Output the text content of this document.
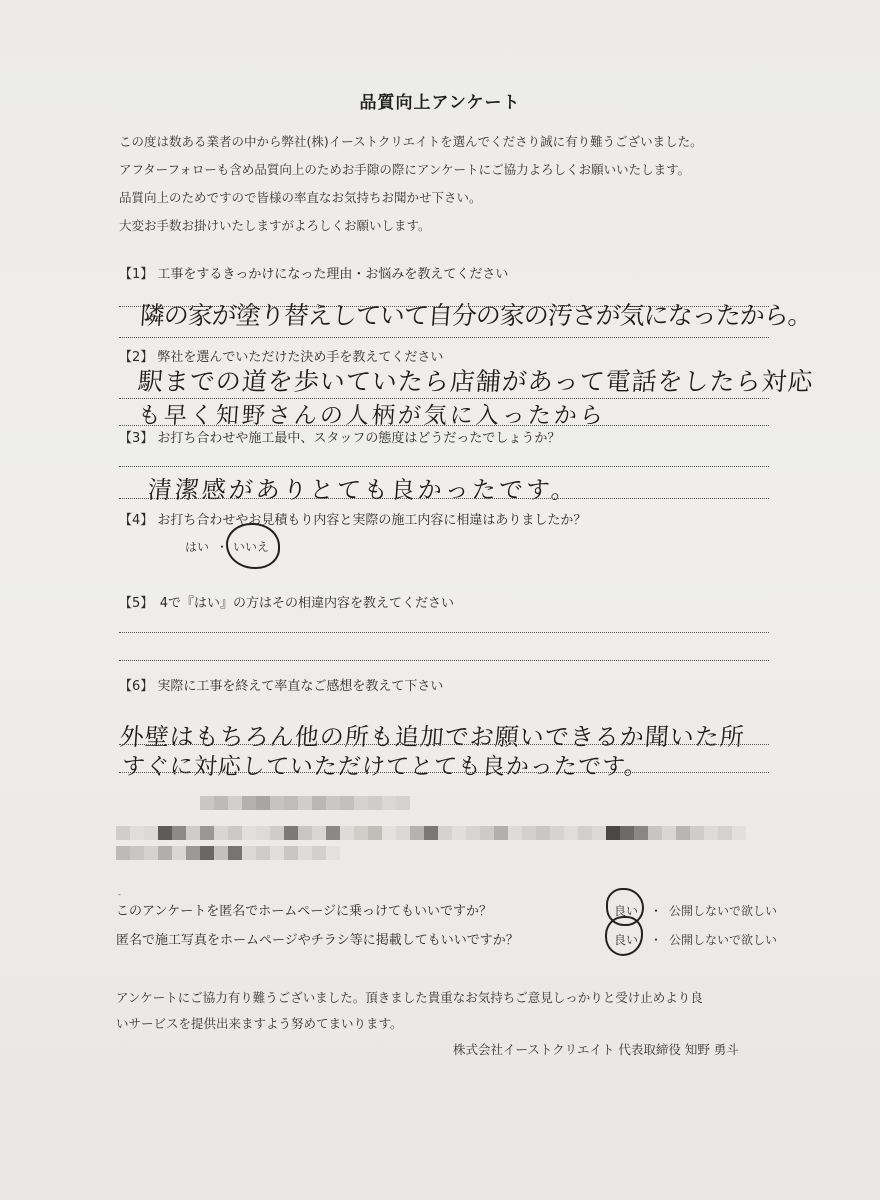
品質向上アンケート
この度は数ある業者の中から弊社(株)イーストクリエイトを選んでくださり誠に有り難うございました。
アフターフォローも含め品質向上のためお手隙の際にアンケートにご協力よろしくお願いいたします。
品質向上のためですので皆様の率直なお気持ちお聞かせ下さい。
大変お手数お掛けいたしますがよろしくお願いします。
【1】 工事をするきっかけになった理由・お悩みを教えてください
隣の家が塗り替えしていて自分の家の汚さが気になったから。
【2】 弊社を選んでいただけた決め手を教えてください
駅までの道を歩いていたら店舗があって電話をしたら対応
も早く知野さんの人柄が気に入ったから
【3】 お打ち合わせや施工最中、スタッフの態度はどうだったでしょうか？
清潔感がありとても良かったです。
【4】 お打ち合わせやお見積もり内容と実際の施工内容に相違はありましたか？
はい ・ いいえ
【5】　4で『はい』の方はその相違内容を教えてください
【6】 実際に工事を終えて率直なご感想を教えて下さい
外壁はもちろん他の所も追加でお願いできるか聞いた所
すぐに対応していただけてとても良かったです。
-
このアンケートを匿名でホームページに乗っけてもいいですか？	良い ・ 公開しないで欲しい
匿名で施工写真をホームページやチラシ等に掲載してもいいですか？	良い ・ 公開しないで欲しい
アンケートにご協力有り難うございました。頂きました貴重なお気持ちご意見しっかりと受け止めより良
いサービスを提供出来ますよう努めてまいります。
株式会社イーストクリエイト 代表取締役 知野 勇斗
